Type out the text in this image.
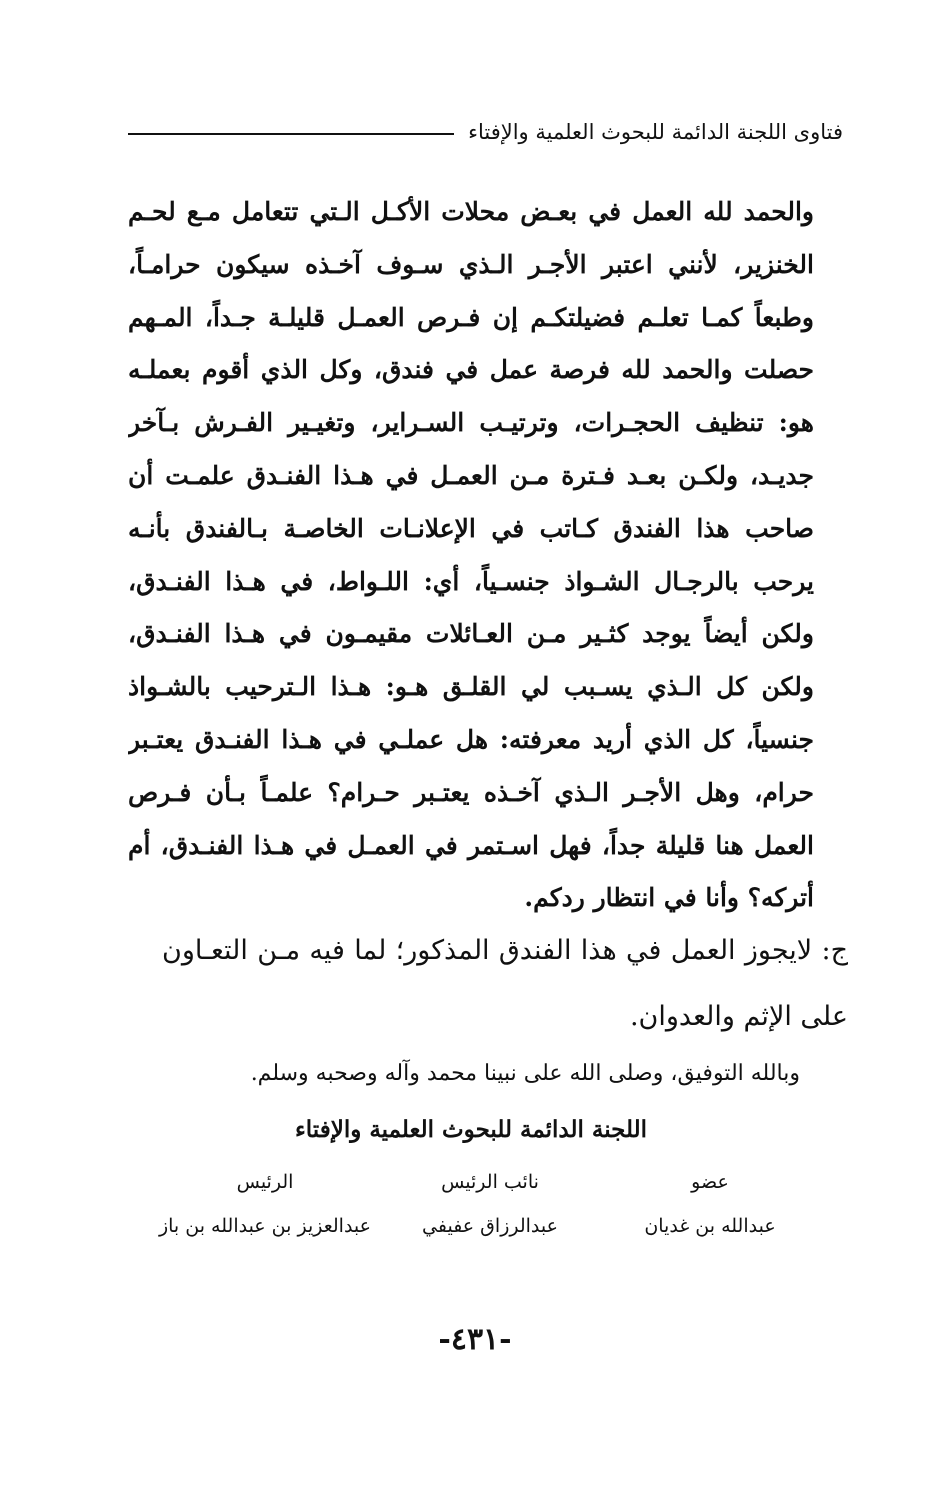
فتاوى اللجنة الدائمة للبحوث العلمية والإفتاء
والحمد لله العمل في بعـض محلات الأكـل الـتي تتعامل مـع لحـم
الخنزير، لأنني اعتبر الأجـر الـذي سـوف آخـذه سيكون حرامـاً،
وطبعاً كمـا تعلـم فضيلتكـم إن فـرص العمـل قليلـة جـداً، المـهم
حصلت والحمد لله فرصة عمل في فندق، وكل الذي أقوم بعملـه
هو: تنظيف الحجـرات، وترتيـب السـراير، وتغيـير الفـرش بـآخر
جديـد، ولكـن بعـد فـترة مـن العمـل في هـذا الفنـدق علمـت أن
صاحب هذا الفندق كـاتب في الإعلانـات الخاصـة بـالفندق بأنـه
يرحب بالرجـال الشـواذ جنسـياً، أي: اللـواط، في هـذا الفنـدق،
ولكن أيضاً يوجد كثـير مـن العـائلات مقيمـون في هـذا الفنـدق،
ولكن كل الـذي يسـبب لي القلـق هـو: هـذا الـترحيب بالشـواذ
جنسياً، كل الذي أريد معرفته: هل عملـي في هـذا الفنـدق يعتـبر
حرام، وهل الأجـر الـذي آخـذه يعتـبر حـرام؟ علمـاً بـأن فـرص
العمل هنا قليلة جداً، فهل اسـتمر في العمـل في هـذا الفنـدق، أم
أتركه؟ وأنا في انتظار ردكم.
ج: لايجوز العمل في هذا الفندق المذكور؛ لما فيه مـن التعـاون
على الإثم والعدوان.
وبالله التوفيق، وصلى الله على نبينا محمد وآله وصحبه وسلم.
اللجنة الدائمة للبحوث العلمية والإفتاء
عضو
عبدالله بن غديان
نائب الرئيس
عبدالرزاق عفيفي
الرئيس
عبدالعزيز بن عبدالله بن باز
-٤٣١-
